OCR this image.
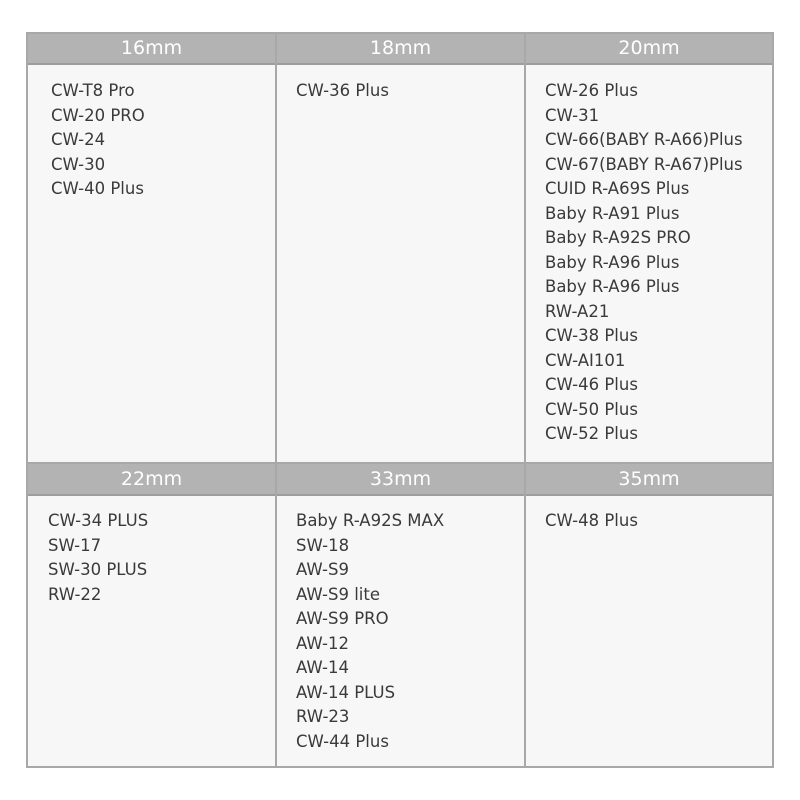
16mm
CW-T8 Pro
CW-20 PRO
CW-24
CW-30
CW-40 Plus
18mm
CW-36 Plus
20mm
CW-26 Plus
CW-31
CW-66(BABY R-A66)Plus
CW-67(BABY R-A67)Plus
CUID R-A69S Plus
Baby R-A91 Plus
Baby R-A92S PRO
Baby R-A96 Plus
Baby R-A96 Plus
RW-A21
CW-38 Plus
CW-AI101
CW-46 Plus
CW-50 Plus
CW-52 Plus
22mm
CW-34 PLUS
SW-17
SW-30 PLUS
RW-22
33mm
Baby R-A92S MAX
SW-18
AW-S9
AW-S9 lite
AW-S9 PRO
AW-12
AW-14
AW-14 PLUS
RW-23
CW-44 Plus
35mm
CW-48 Plus
